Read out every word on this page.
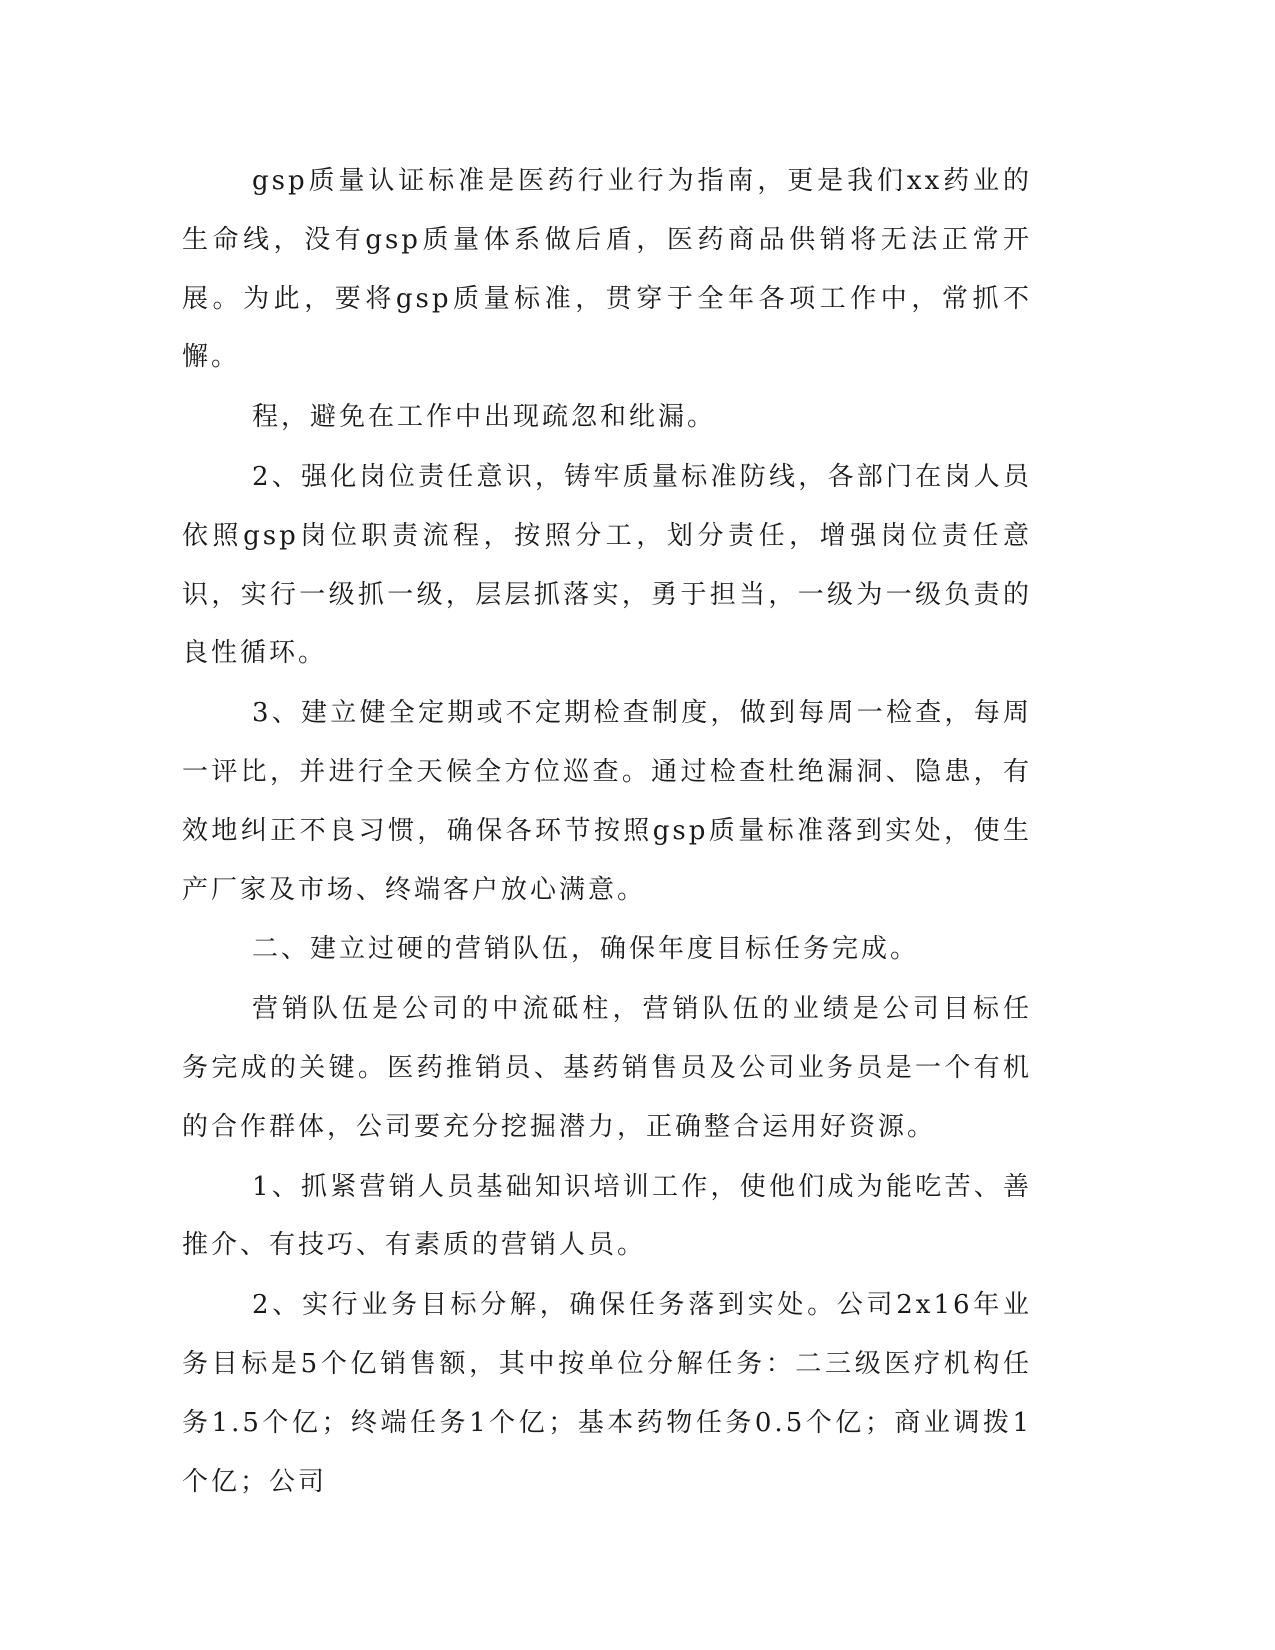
gsp质量认证标准是医药行业行为指南，更是我们xx药业的生命线，没有gsp质量体系做后盾，医药商品供销将无法正常开展。为此，要将gsp质量标准，贯穿于全年各项工作中，常抓不懈。

程，避免在工作中出现疏忽和纰漏。

2、强化岗位责任意识，铸牢质量标准防线，各部门在岗人员依照gsp岗位职责流程，按照分工，划分责任，增强岗位责任意识，实行一级抓一级，层层抓落实，勇于担当，一级为一级负责的良性循环。

3、建立健全定期或不定期检查制度，做到每周一检查，每周一评比，并进行全天候全方位巡查。通过检查杜绝漏洞、隐患，有效地纠正不良习惯，确保各环节按照gsp质量标准落到实处，使生产厂家及市场、终端客户放心满意。

二、建立过硬的营销队伍，确保年度目标任务完成。

营销队伍是公司的中流砥柱，营销队伍的业绩是公司目标任务完成的关键。医药推销员、基药销售员及公司业务员是一个有机的合作群体，公司要充分挖掘潜力，正确整合运用好资源。

1、抓紧营销人员基础知识培训工作，使他们成为能吃苦、善推介、有技巧、有素质的营销人员。

2、实行业务目标分解，确保任务落到实处。公司2x16年业务目标是5个亿销售额，其中按单位分解任务：二三级医疗机构任务1.5个亿；终端任务1个亿；基本药物任务0.5个亿；商业调拨1个亿；公司
